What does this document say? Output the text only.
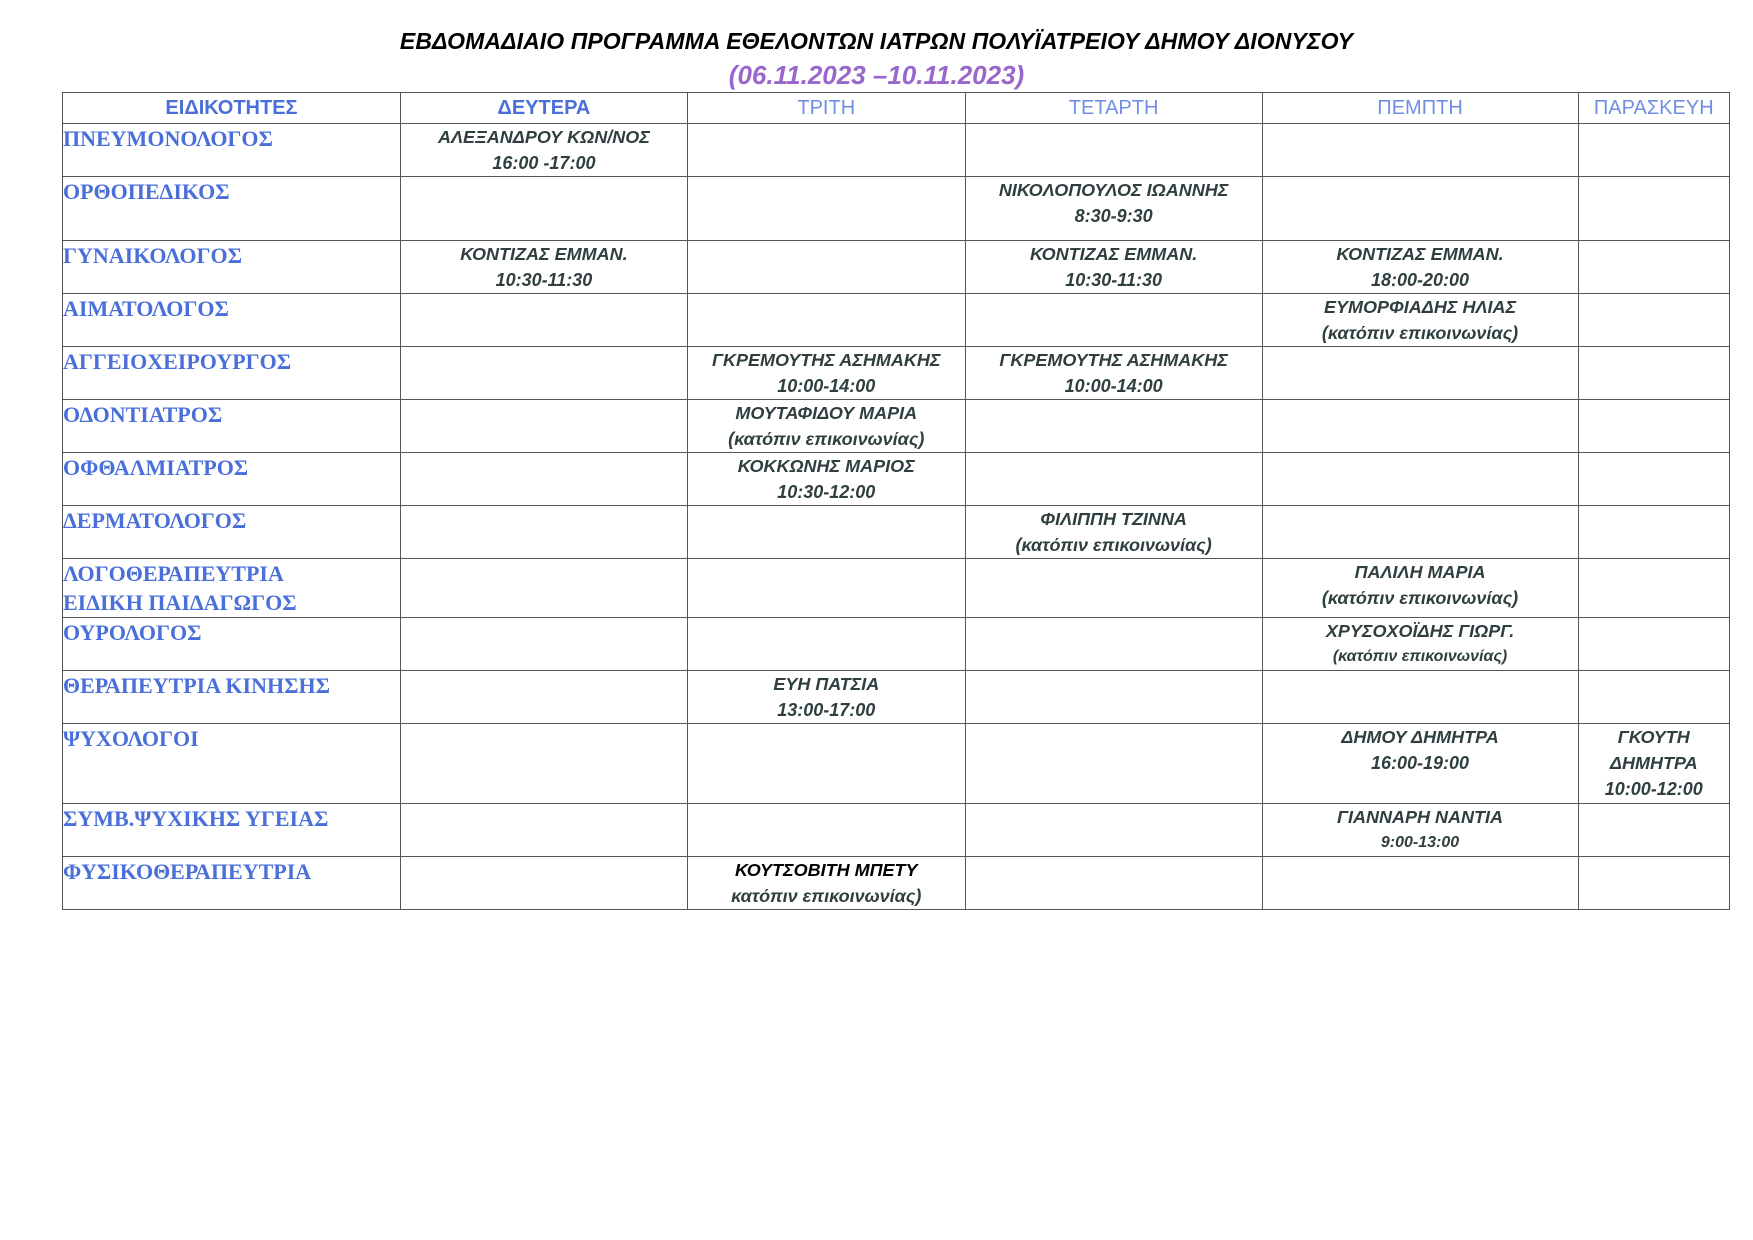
ΕΒΔΟΜΑΔΙΑΙΟ ΠΡΟΓΡΑΜΜΑ ΕΘΕΛΟΝΤΩΝ ΙΑΤΡΩΝ ΠΟΛΥΪΑΤΡΕΙΟΥ ΔΗΜΟΥ ΔΙΟΝΥΣΟΥ
(06.11.2023 –10.11.2023)
ΕΙΔΙΚΟΤΗΤΕΣ	ΔΕΥΤΕΡΑ	ΤΡΙΤΗ	ΤΕΤΑΡΤΗ	ΠΕΜΠΤΗ	ΠΑΡΑΣΚΕΥΗ

ΠΝΕΥΜΟΝΟΛΟΓΟΣ	ΑΛΕΞΑΝΔΡΟΥ ΚΩΝ/ΝΟΣ
16:00 -17:00				

ΟΡΘΟΠΕΔΙΚΟΣ			ΝΙΚΟΛΟΠΟΥΛΟΣ ΙΩΑΝΝΗΣ
8:30-9:30		

ΓΥΝΑΙΚΟΛΟΓΟΣ	ΚΟΝΤΙΖΑΣ ΕΜΜΑΝ.
10:30-11:30		ΚΟΝΤΙΖΑΣ ΕΜΜΑΝ.
10:30-11:30	ΚΟΝΤΙΖΑΣ ΕΜΜΑΝ.
18:00-20:00	

ΑΙΜΑΤΟΛΟΓΟΣ				ΕΥΜΟΡΦΙΑΔΗΣ ΗΛΙΑΣ
(κατόπιν επικοινωνίας)	

ΑΓΓΕΙΟΧΕΙΡΟΥΡΓΟΣ		ΓΚΡΕΜΟΥΤΗΣ ΑΣΗΜΑΚΗΣ
10:00-14:00	ΓΚΡΕΜΟΥΤΗΣ ΑΣΗΜΑΚΗΣ
10:00-14:00		

ΟΔΟΝΤΙΑΤΡΟΣ		ΜΟΥΤΑΦΙΔΟΥ ΜΑΡΙΑ
(κατόπιν επικοινωνίας)			

ΟΦΘΑΛΜΙΑΤΡΟΣ		ΚΟΚΚΩΝΗΣ ΜΑΡΙΟΣ
10:30-12:00			

ΔΕΡΜΑΤΟΛΟΓΟΣ			ΦΙΛΙΠΠΗ ΤΖΙΝΝΑ
(κατόπιν επικοινωνίας)		

ΛΟΓΟΘΕΡΑΠΕΥΤΡΙΑ
ΕΙΔΙΚΗ ΠΑΙΔΑΓΩΓΟΣ				ΠΑΛΙΛΗ ΜΑΡΙΑ
(κατόπιν επικοινωνίας)	

ΟΥΡΟΛΟΓΟΣ				ΧΡΥΣΟΧΟΪΔΗΣ ΓΙΩΡΓ.
(κατόπιν επικοινωνίας)	

ΘΕΡΑΠΕΥΤΡΙΑ ΚΙΝΗΣΗΣ		ΕΥΗ ΠΑΤΣΙΑ
13:00-17:00			

ΨΥΧΟΛΟΓΟΙ				ΔΗΜΟΥ ΔΗΜΗΤΡΑ
16:00-19:00	ΓΚΟΥΤΗ
ΔΗΜΗΤΡΑ
10:00-12:00

ΣΥΜΒ.ΨΥΧΙΚΗΣ ΥΓΕΙΑΣ				ΓΙΑΝΝΑΡΗ ΝΑΝΤΙΑ
9:00-13:00	

ΦΥΣΙΚΟΘΕΡΑΠΕΥΤΡΙΑ		ΚΟΥΤΣΟΒΙΤΗ ΜΠΕΤΥ
κατόπιν επικοινωνίας)			
